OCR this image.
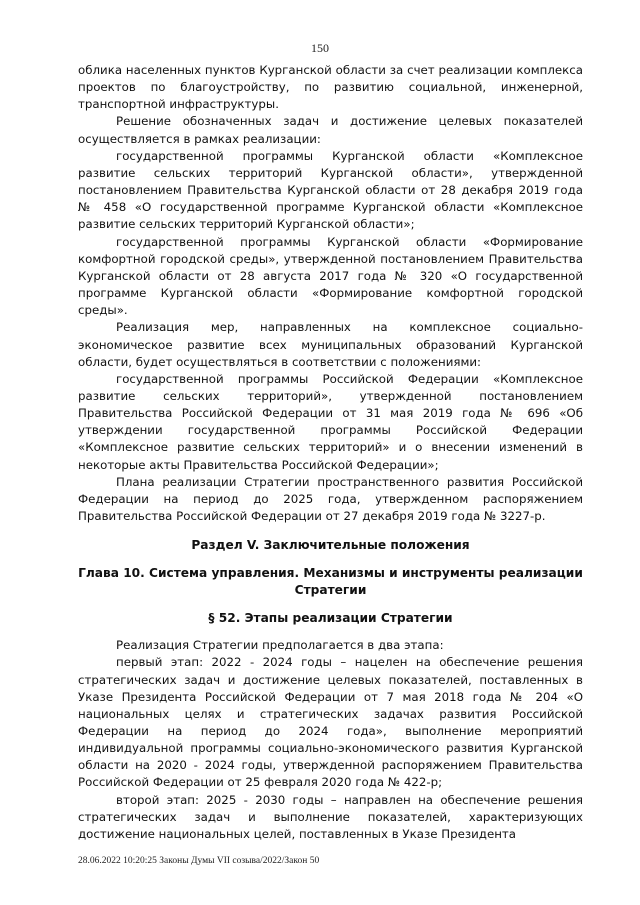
150

облика населенных пунктов Курганской области за счет реализации комплекса проектов по благоустройству, по развитию социальной, инженерной, транспортной инфраструктуры.

Решение обозначенных задач и достижение целевых показателей осуществляется в рамках реализации:

государственной программы Курганской области «Комплексное развитие сельских территорий Курганской области», утвержденной постановлением Правительства Курганской области от 28 декабря 2019 года № 458 «О государственной программе Курганской области «Комплексное развитие сельских территорий Курганской области»;

государственной программы Курганской области «Формирование комфортной городской среды», утвержденной постановлением Правительства Курганской области от 28 августа 2017 года № 320 «О государственной программе Курганской области «Формирование комфортной городской среды».

Реализация мер, направленных на комплексное социально-экономическое развитие всех муниципальных образований Курганской области, будет осуществляться в соответствии с положениями:

государственной программы Российской Федерации «Комплексное развитие сельских территорий», утвержденной постановлением Правительства Российской Федерации от 31 мая 2019 года № 696 «Об утверждении государственной программы Российской Федерации «Комплексное развитие сельских территорий» и о внесении изменений в некоторые акты Правительства Российской Федерации»;

Плана реализации Стратегии пространственного развития Российской Федерации на период до 2025 года, утвержденном распоряжением Правительства Российской Федерации от 27 декабря 2019 года № 3227-р.

Раздел V. Заключительные положения
Глава 10. Система управления. Механизмы и инструменты реализации Стратегии
§ 52. Этапы реализации Стратегии

Реализация Стратегии предполагается в два этапа:

первый этап: 2022 - 2024 годы – нацелен на обеспечение решения стратегических задач и достижение целевых показателей, поставленных в Указе Президента Российской Федерации от 7 мая 2018 года № 204 «О национальных целях и стратегических задачах развития Российской Федерации на период до 2024 года», выполнение мероприятий индивидуальной программы социально-экономического развития Курганской области на 2020 - 2024 годы, утвержденной распоряжением Правительства Российской Федерации от 25 февраля 2020 года № 422-р;

второй этап: 2025 - 2030 годы – направлен на обеспечение решения стратегических задач и выполнение показателей, характеризующих достижение национальных целей, поставленных в Указе Президента

28.06.2022 10:20:25 Законы Думы VII созыва/2022/Закон 50
